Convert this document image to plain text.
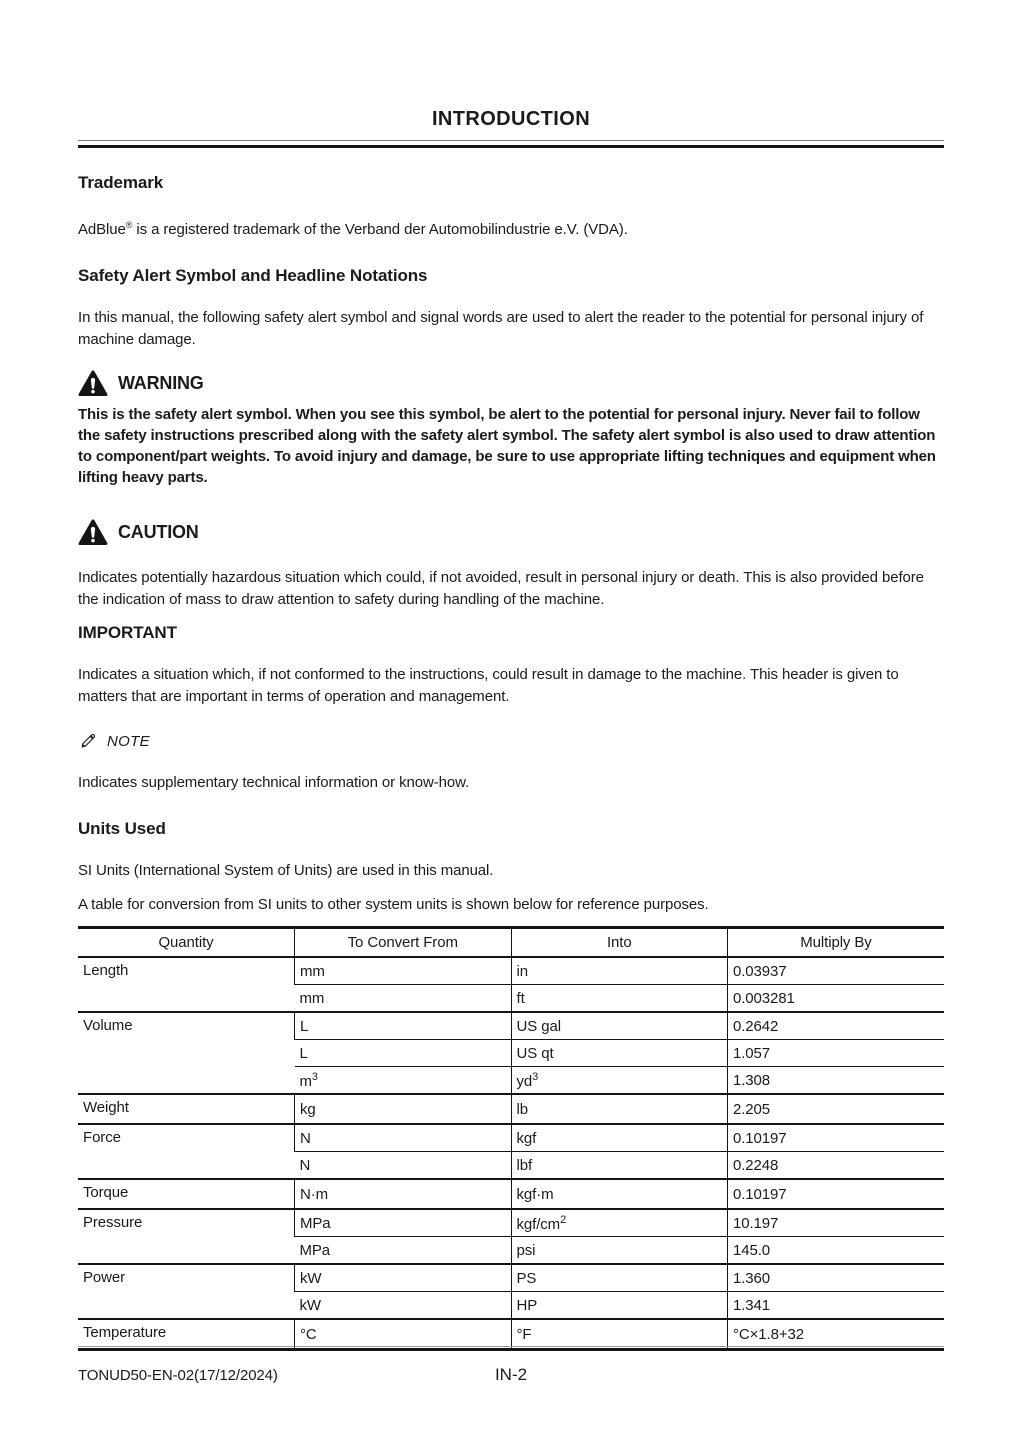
INTRODUCTION
Trademark

AdBlue® is a registered trademark of the Verband der Automobilindustrie e.V. (VDA).

Safety Alert Symbol and Headline Notations

In this manual, the following safety alert symbol and signal words are used to alert the reader to the potential for personal injury of machine damage.

WARNING

This is the safety alert symbol. When you see this symbol, be alert to the potential for personal injury. Never fail to follow the safety instructions prescribed along with the safety alert symbol. The safety alert symbol is also used to draw attention to component/part weights. To avoid injury and damage, be sure to use appropriate lifting techniques and equipment when lifting heavy parts.

CAUTION

Indicates potentially hazardous situation which could, if not avoided, result in personal injury or death. This is also provided before the indication of mass to draw attention to safety during handling of the machine.

IMPORTANT

Indicates a situation which, if not conformed to the instructions, could result in damage to the machine. This header is given to matters that are important in terms of operation and management.

NOTE

Indicates supplementary technical information or know-how.

Units Used

SI Units (International System of Units) are used in this manual.

A table for conversion from SI units to other system units is shown below for reference purposes.

Quantity	To Convert From	Into	Multiply By
Length	mm	in	0.03937
	mm	ft	0.003281
Volume	L	US gal	0.2642
	L	US qt	1.057
	$m^3$	$yd^3$	1.308
Weight	kg	lb	2.205
Force	N	kgf	0.10197
	N	lbf	0.2248
Torque	N·m	kgf·m	0.10197
Pressure	MPa	kgf/$cm^2$	10.197
	MPa	psi	145.0
Power	kW	PS	1.360
	kW	HP	1.341
Temperature	°C	°F	°C×1.8+32
TONUD50-EN-02(17/12/2024)	IN-2
